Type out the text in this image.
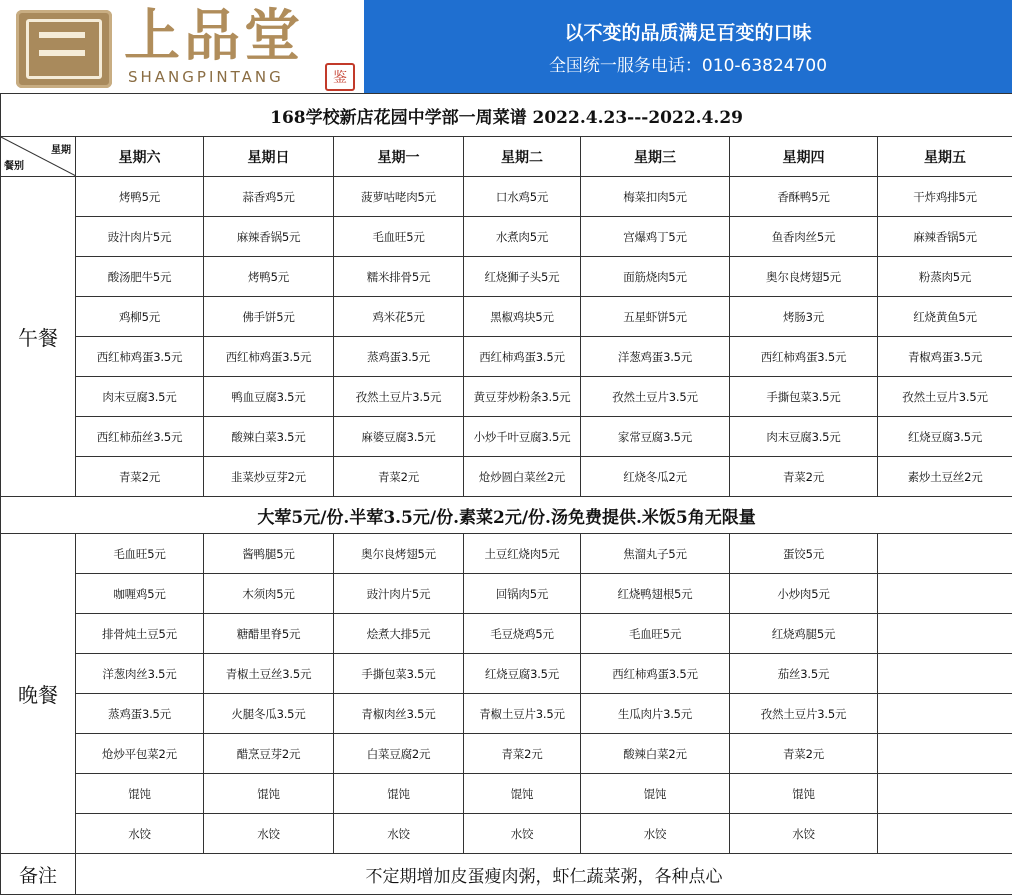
上品堂
SHANGPINTANG	鉴
以不变的品质满足百变的口味
全国统一服务电话：010-63824700
168学校新店花园中学部一周菜谱 2022.4.23---2022.4.29							

星期
餐别	星期六	星期日	星期一	星期二	星期三	星期四	星期五
午餐	烤鸭5元	蒜香鸡5元	菠萝咕咾肉5元	口水鸡5元	梅菜扣肉5元	香酥鸭5元	干炸鸡排5元
	豉汁肉片5元	麻辣香锅5元	毛血旺5元	水煮肉5元	宫爆鸡丁5元	鱼香肉丝5元	麻辣香锅5元
	酸汤肥牛5元	烤鸭5元	糯米排骨5元	红烧狮子头5元	面筋烧肉5元	奥尔良烤翅5元	粉蒸肉5元
	鸡柳5元	佛手饼5元	鸡米花5元	黑椒鸡块5元	五星虾饼5元	烤肠3元	红烧黄鱼5元
	西红柿鸡蛋3.5元	西红柿鸡蛋3.5元	蒸鸡蛋3.5元	西红柿鸡蛋3.5元	洋葱鸡蛋3.5元	西红柿鸡蛋3.5元	青椒鸡蛋3.5元
	肉末豆腐3.5元	鸭血豆腐3.5元	孜然土豆片3.5元	黄豆芽炒粉条3.5元	孜然土豆片3.5元	手撕包菜3.5元	孜然土豆片3.5元
	西红柿茄丝3.5元	酸辣白菜3.5元	麻婆豆腐3.5元	小炒千叶豆腐3.5元	家常豆腐3.5元	肉末豆腐3.5元	红烧豆腐3.5元
	青菜2元	韭菜炒豆芽2元	青菜2元	炝炒圆白菜丝2元	红烧冬瓜2元	青菜2元	素炒土豆丝2元
大荤5元/份.半荤3.5元/份.素菜2元/份.汤免费提供.米饭5角无限量							
晚餐	毛血旺5元	酱鸭腿5元	奥尔良烤翅5元	土豆红烧肉5元	焦溜丸子5元	蛋饺5元	
	咖喱鸡5元	木须肉5元	豉汁肉片5元	回锅肉5元	红烧鸭翅根5元	小炒肉5元	
	排骨炖土豆5元	糖醋里脊5元	烩煮大排5元	毛豆烧鸡5元	毛血旺5元	红烧鸡腿5元	
	洋葱肉丝3.5元	青椒土豆丝3.5元	手撕包菜3.5元	红烧豆腐3.5元	西红柿鸡蛋3.5元	茄丝3.5元	
	蒸鸡蛋3.5元	火腿冬瓜3.5元	青椒肉丝3.5元	青椒土豆片3.5元	生瓜肉片3.5元	孜然土豆片3.5元	
	炝炒平包菜2元	醋烹豆芽2元	白菜豆腐2元	青菜2元	酸辣白菜2元	青菜2元	
	馄饨	馄饨	馄饨	馄饨	馄饨	馄饨	
	水饺	水饺	水饺	水饺	水饺	水饺	
备注	不定期增加皮蛋瘦肉粥，虾仁蔬菜粥，各种点心						
